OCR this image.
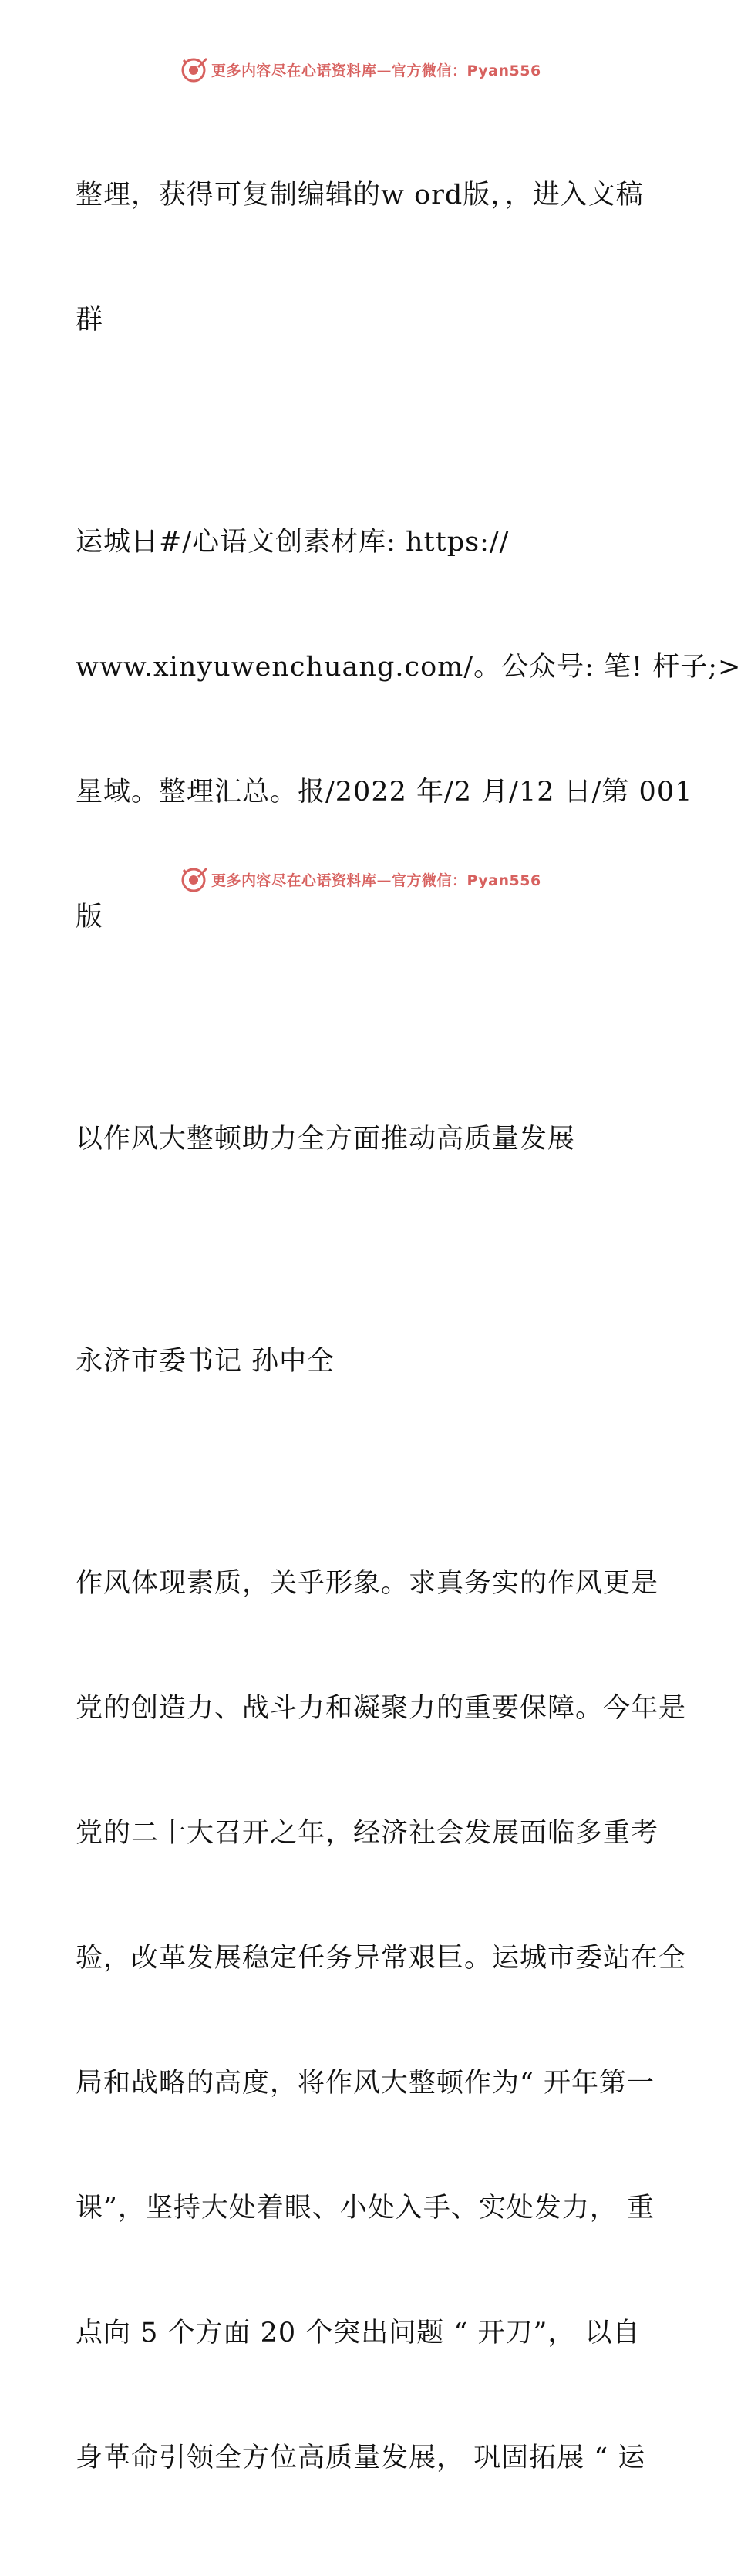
更多内容尽在心语资料库—官方微信：Pyan556

整理，获得可复制编辑的w ord版，，进入文稿

群

运城日#/心语文创素材库: https://

www.xinyuwenchuang.com/。公众号: 笔! 杆子;>

星域。整理汇总。报/2022 年/2 月/12 日/第 001

版

以作风大整顿助力全方面推动高质量发展

永济市委书记 孙中全

作风体现素质，关乎形象。求真务实的作风更是

党的创造力、战斗力和凝聚力的重要保障。今年是

党的二十大召开之年，经济社会发展面临多重考

验，改革发展稳定任务异常艰巨。运城市委站在全

局和战略的高度，将作风大整顿作为“ 开年第一

课”，坚持大处着眼、小处入手、实处发力， 重

点向 5 个方面 20 个突出问题 “ 开刀”， 以自

身革命引领全方位高质量发展， 巩固拓展 “ 运

更多内容尽在心语资料库—官方微信：Pyan556
